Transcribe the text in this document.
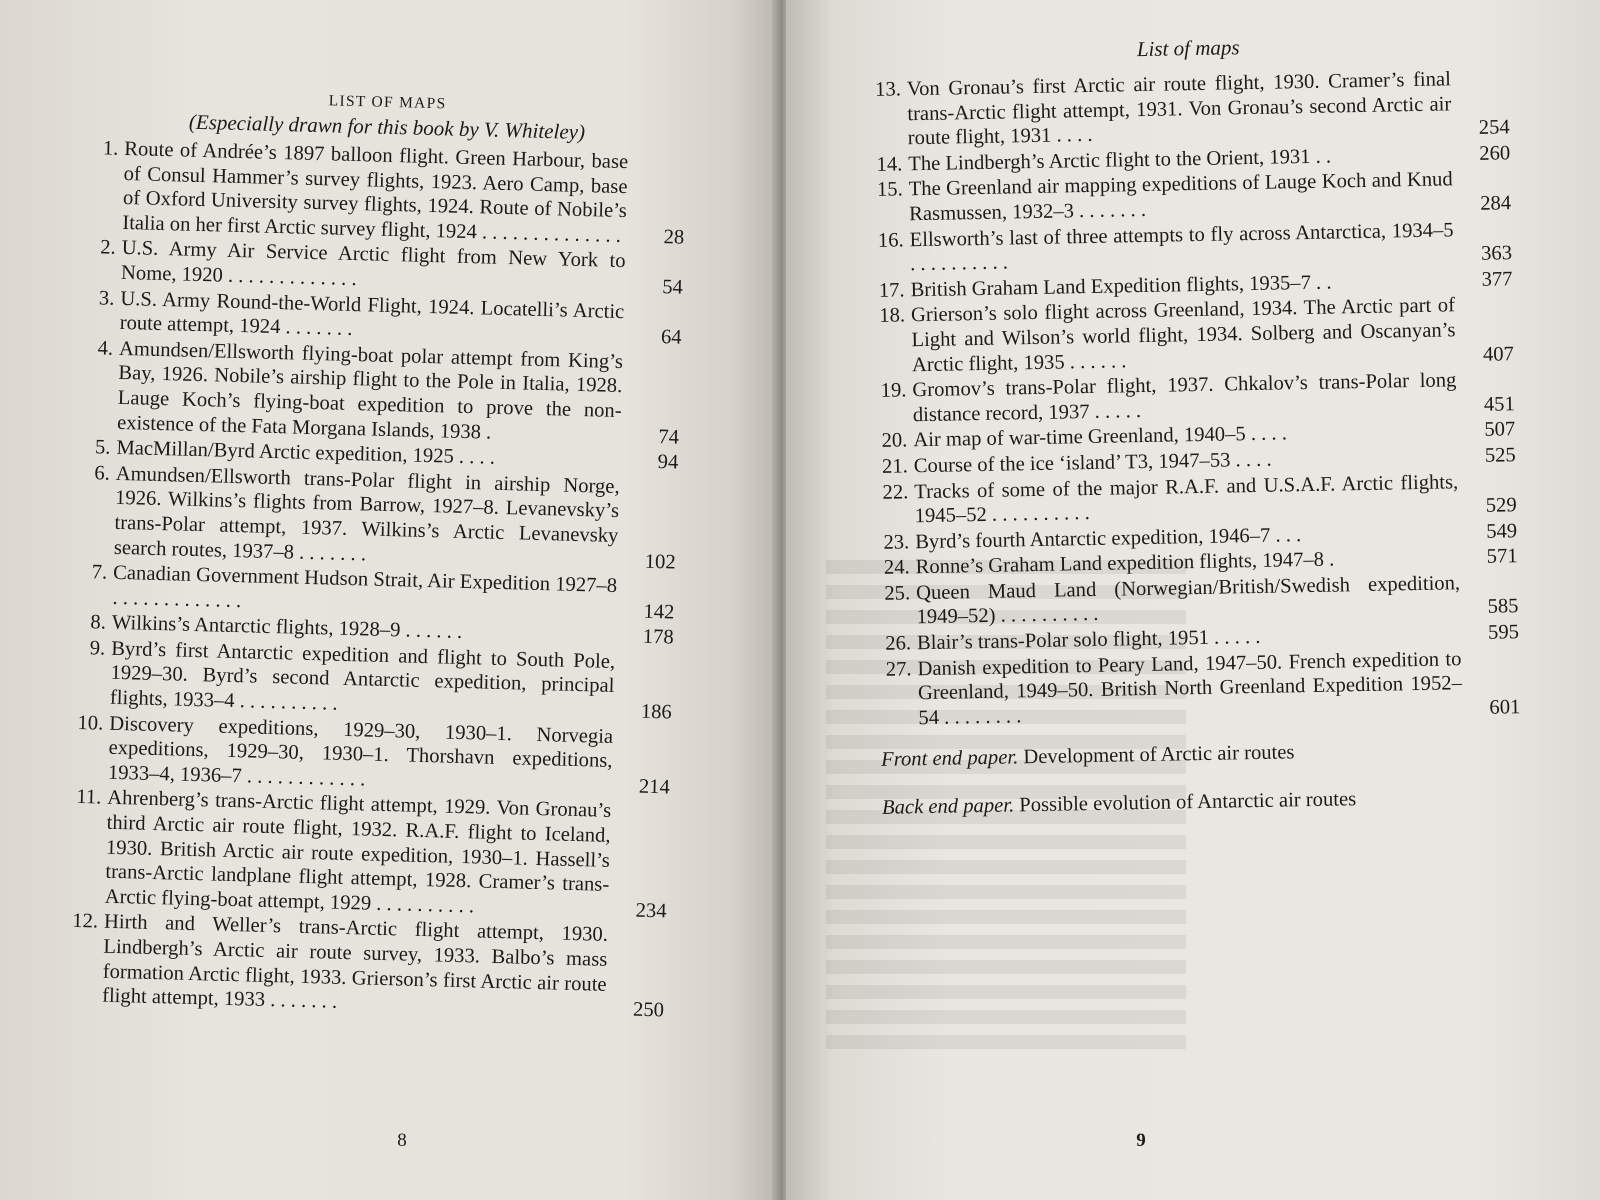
LIST OF MAPS
(Especially drawn for this book by V. Whiteley)
1. Route of Andrée’s 1897 balloon flight. Green Harbour, base of Consul Hammer’s survey flights, 1923. Aero Camp, base of Oxford University survey flights, 1924. Route of Nobile’s Italia on her first Arctic survey flight, 1924 . . . . . . . . . . . . . .	28
2. U.S. Army Air Service Arctic flight from New York to Nome, 1920 . . . . . . . . . . . . .	54
3. U.S. Army Round-the-World Flight, 1924. Locatelli’s Arctic route attempt, 1924 . . . . . . .	64
4. Amundsen/Ellsworth flying-boat polar attempt from King’s Bay, 1926. Nobile’s airship flight to the Pole in Italia, 1928. Lauge Koch’s flying-boat expedition to prove the non-existence of the Fata Morgana Islands, 1938 .	74
5. MacMillan/Byrd Arctic expedition, 1925 . . . .	94
6. Amundsen/Ellsworth trans-Polar flight in airship Norge, 1926. Wilkins’s flights from Barrow, 1927–8. Levanevsky’s trans-Polar attempt, 1937. Wilkins’s Arctic Levanevsky search routes, 1937–8 . . . . . . .	102
7. Canadian Government Hudson Strait, Air Expedition 1927–8 . . . . . . . . . . . . .	142
8. Wilkins’s Antarctic flights, 1928–9 . . . . . .	178
9. Byrd’s first Antarctic expedition and flight to South Pole, 1929–30. Byrd’s second Antarctic expedition, principal flights, 1933–4 . . . . . . . . . .	186
10. Discovery expeditions, 1929–30, 1930–1. Norvegia expeditions, 1929–30, 1930–1. Thorshavn expeditions, 1933–4, 1936–7 . . . . . . . . . . . .	214
11. Ahrenberg’s trans-Arctic flight attempt, 1929. Von Gronau’s third Arctic air route flight, 1932. R.A.F. flight to Iceland, 1930. British Arctic air route expedition, 1930–1. Hassell’s trans-Arctic landplane flight attempt, 1928. Cramer’s trans-Arctic flying-boat attempt, 1929 . . . . . . . . . .	234
12. Hirth and Weller’s trans-Arctic flight attempt, 1930. Lindbergh’s Arctic air route survey, 1933. Balbo’s mass formation Arctic flight, 1933. Grierson’s first Arctic air route flight attempt, 1933 . . . . . . .	250
8
List of maps
13. Von Gronau’s first Arctic air route flight, 1930. Cramer’s final trans-Arctic flight attempt, 1931. Von Gronau’s second Arctic air route flight, 1931 . . . .	254
14. The Lindbergh’s Arctic flight to the Orient, 1931 . .	260
15. The Greenland air mapping expeditions of Lauge Koch and Knud Rasmussen, 1932–3 . . . . . . .	284
16. Ellsworth’s last of three attempts to fly across Antarctica, 1934–5 . . . . . . . . . .	363
17. British Graham Land Expedition flights, 1935–7 . .	377
18. Grierson’s solo flight across Greenland, 1934. The Arctic part of Light and Wilson’s world flight, 1934. Solberg and Oscanyan’s Arctic flight, 1935 . . . . . .	407
19. Gromov’s trans-Polar flight, 1937. Chkalov’s trans-Polar long distance record, 1937 . . . . .	451
20. Air map of war-time Greenland, 1940–5 . . . .	507
21. Course of the ice ‘island’ T3, 1947–53 . . . .	525
22. Tracks of some of the major R.A.F. and U.S.A.F. Arctic flights, 1945–52 . . . . . . . . . .	529
23. Byrd’s fourth Antarctic expedition, 1946–7 . . .	549
24. Ronne’s Graham Land expedition flights, 1947–8 .	571
25. Queen Maud Land (Norwegian/British/Swedish expedition, 1949–52) . . . . . . . . . .	585
26. Blair’s trans-Polar solo flight, 1951 . . . . .	595
27. Danish expedition to Peary Land, 1947–50. French expedition to Greenland, 1949–50. British North Greenland Expedition 1952–54 . . . . . . . .	601
Front end paper. Development of Arctic air routes
Back end paper. Possible evolution of Antarctic air routes
9
